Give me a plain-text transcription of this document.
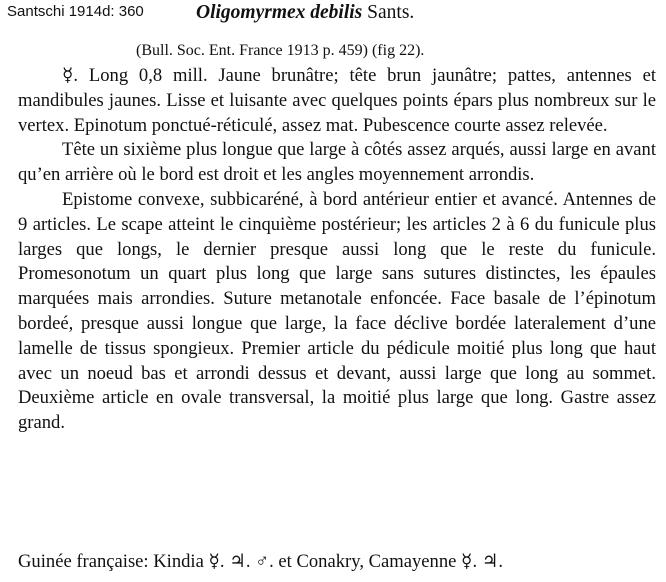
Santschi 1914d: 360	Oligomyrmex debilis Sants.
(Bull. Soc. Ent. France 1913 p. 459) (fig 22).

☿. Long 0,8 mill. Jaune brunâtre; tête brun jaunâtre; pattes, antennes et mandibules jaunes. Lisse et luisante avec quelques points épars plus nombreux sur le vertex. Epinotum ponctué-réticulé, assez mat. Pubescence courte assez relevée.

Tête un sixième plus longue que large à côtés assez arqués, aussi large en avant qu’en arrière où le bord est droit et les angles moyennement arrondis.

Epistome convexe, subbicaréné, à bord antérieur entier et avancé. Antennes de 9 articles. Le scape atteint le cinquième postérieur; les articles 2 à 6 du funicule plus larges que longs, le dernier presque aussi long que le reste du funicule. Promesonotum un quart plus long que large sans sutures distinctes, les épaules marquées mais arrondies. Suture metanotale enfoncée. Face basale de l’épinotum bordeé, presque aussi longue que large, la face déclive bordée lateralement d’une lamelle de tissus spongieux. Premier article du pédicule moitié plus long que haut avec un noeud bas et arrondi dessus et devant, aussi large que long au sommet. Deuxième article en ovale transversal, la moitié plus large que long. Gastre assez grand.

Guinée française: Kindia ☿. ♃. ♂. et Conakry, Camayenne ☿. ♃.
